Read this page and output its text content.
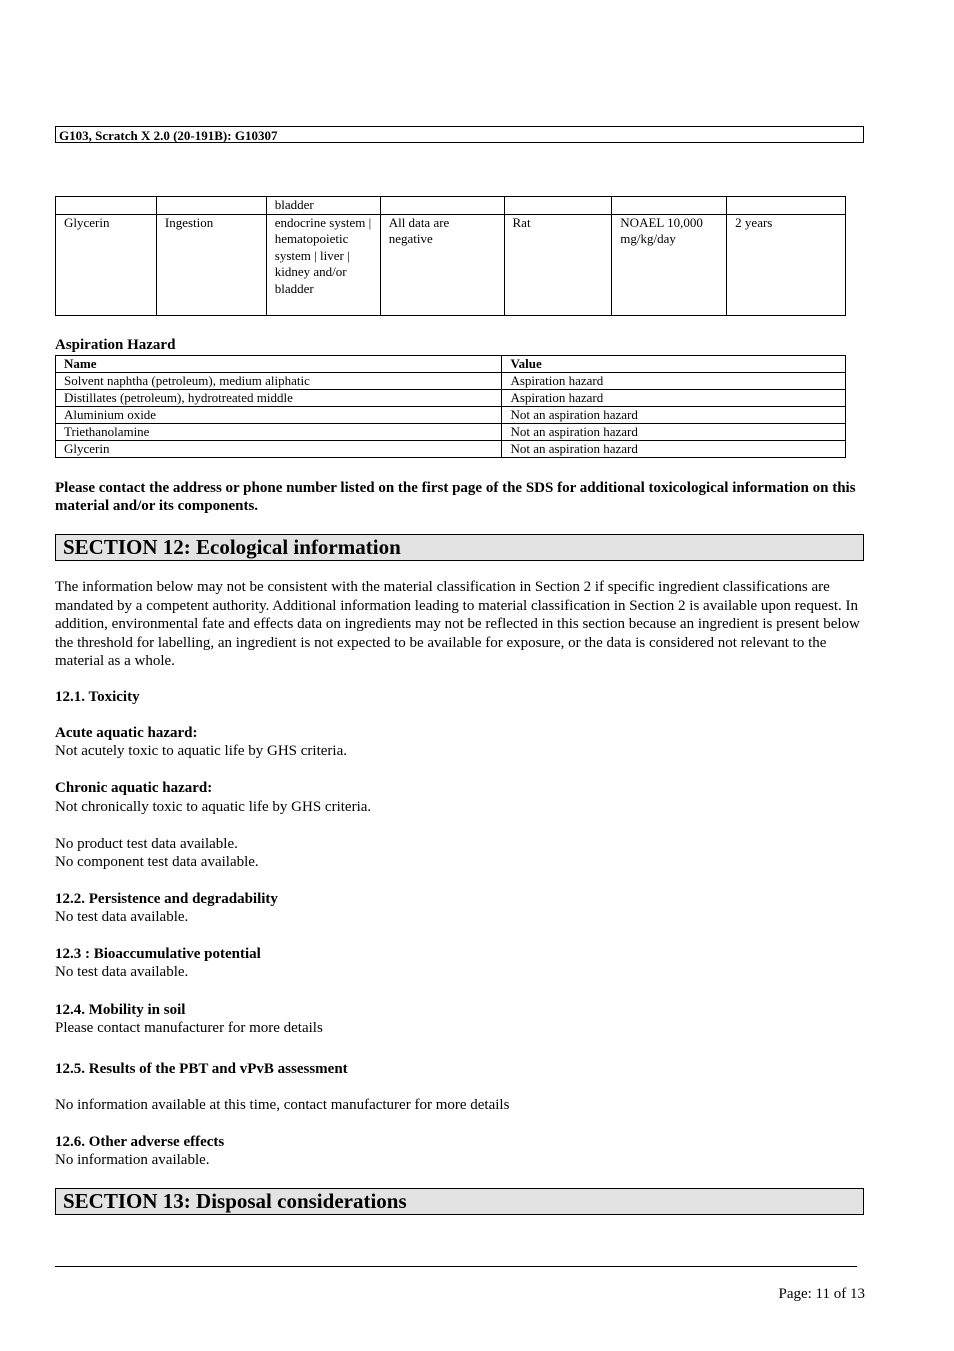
G103, Scratch X 2.0 (20-191B): G10307
		bladder				
Glycerin	Ingestion	endocrine system | hematopoietic system | liver | kidney and/or bladder	All data are negative	Rat	NOAEL 10,000 mg/kg/day	2 years
Aspiration Hazard
Name	Value
Solvent naphtha (petroleum), medium aliphatic	Aspiration hazard
Distillates (petroleum), hydrotreated middle	Aspiration hazard
Aluminium oxide	Not an aspiration hazard
Triethanolamine	Not an aspiration hazard
Glycerin	Not an aspiration hazard
Please contact the address or phone number listed on the first page of the SDS for additional toxicological information on this material and/or its components.
SECTION 12: Ecological information
The information below may not be consistent with the material classification in Section 2 if specific ingredient classifications are mandated by a competent authority. Additional information leading to material classification in Section 2 is available upon request. In addition, environmental fate and effects data on ingredients may not be reflected in this section because an ingredient is present below the threshold for labelling, an ingredient is not expected to be available for exposure, or the data is considered not relevant to the material as a whole.
12.1. Toxicity
Acute aquatic hazard:
Not acutely toxic to aquatic life by GHS criteria.
Chronic aquatic hazard:
Not chronically toxic to aquatic life by GHS criteria.
No product test data available.
No component test data available.
12.2. Persistence and degradability
No test data available.
12.3 : Bioaccumulative potential
No test data available.
12.4. Mobility in soil
Please contact manufacturer for more details
12.5. Results of the PBT and vPvB assessment
No information available at this time, contact manufacturer for more details
12.6. Other adverse effects
No information available.
SECTION 13: Disposal considerations
Page: 11 of 13
